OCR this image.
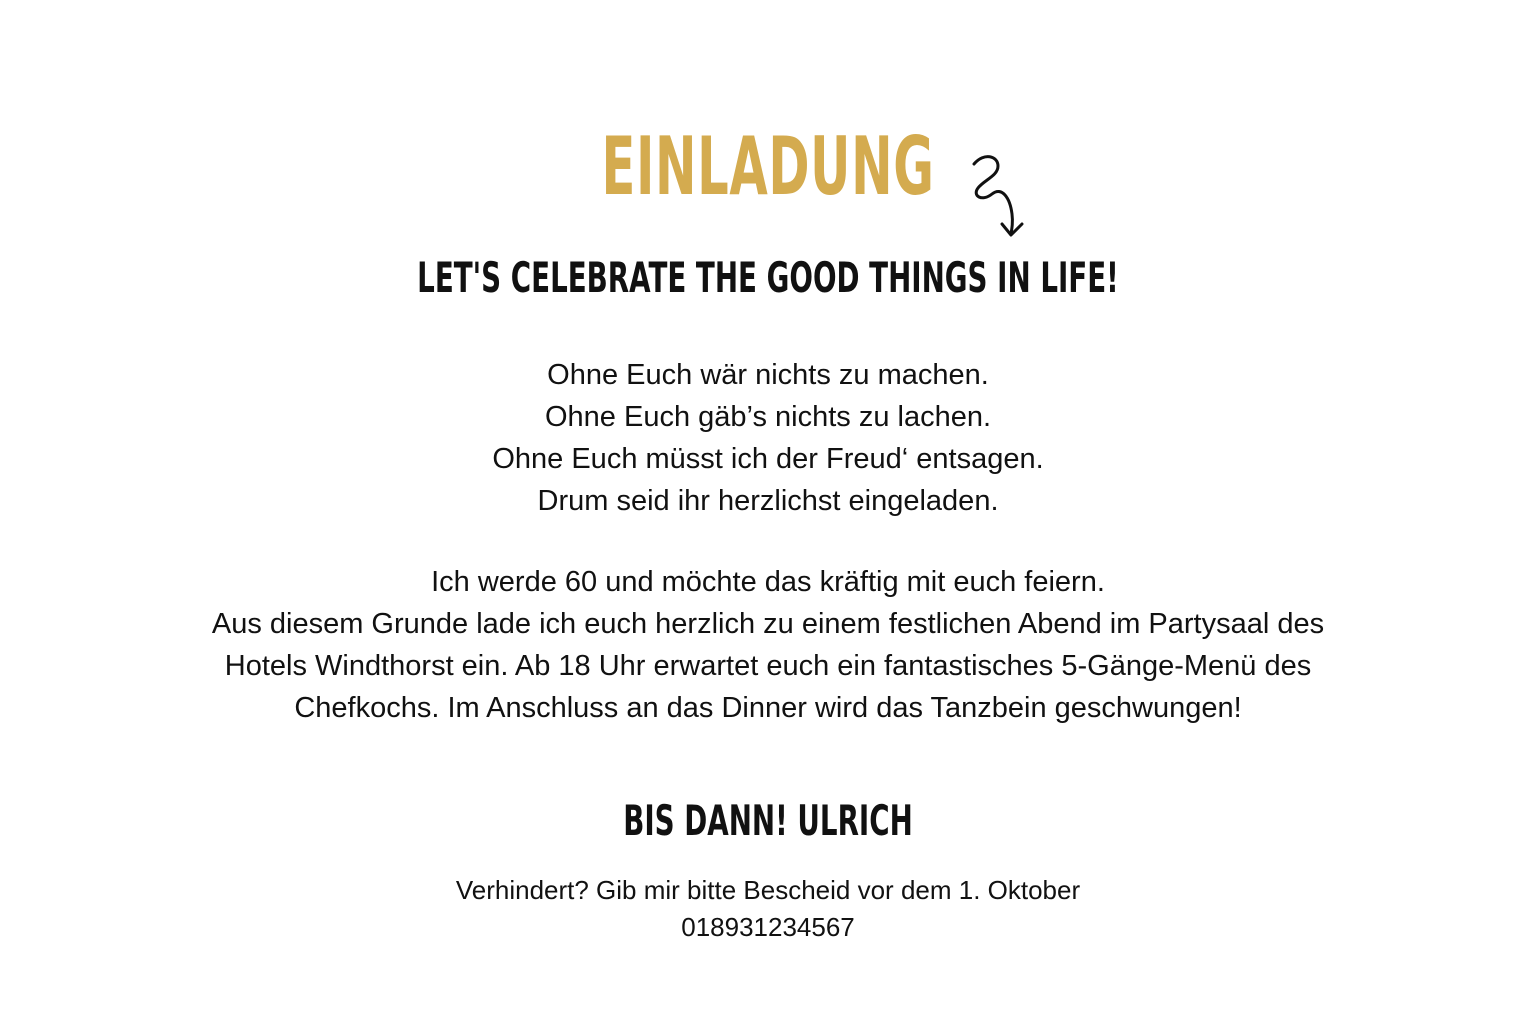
EINLADUNG
LET'S CELEBRATE THE GOOD THINGS IN LIFE!
Ohne Euch wär nichts zu machen.
Ohne Euch gäb’s nichts zu lachen.
Ohne Euch müsst ich der Freud‘ entsagen.
Drum seid ihr herzlichst eingeladen.
Ich werde 60 und möchte das kräftig mit euch feiern.
Aus diesem Grunde lade ich euch herzlich zu einem festlichen Abend im Partysaal des
Hotels Windthorst ein. Ab 18 Uhr erwartet euch ein fantastisches 5-Gänge-Menü des
Chefkochs. Im Anschluss an das Dinner wird das Tanzbein geschwungen!
BIS DANN! ULRICH
Verhindert? Gib mir bitte Bescheid vor dem 1. Oktober
018931234567
